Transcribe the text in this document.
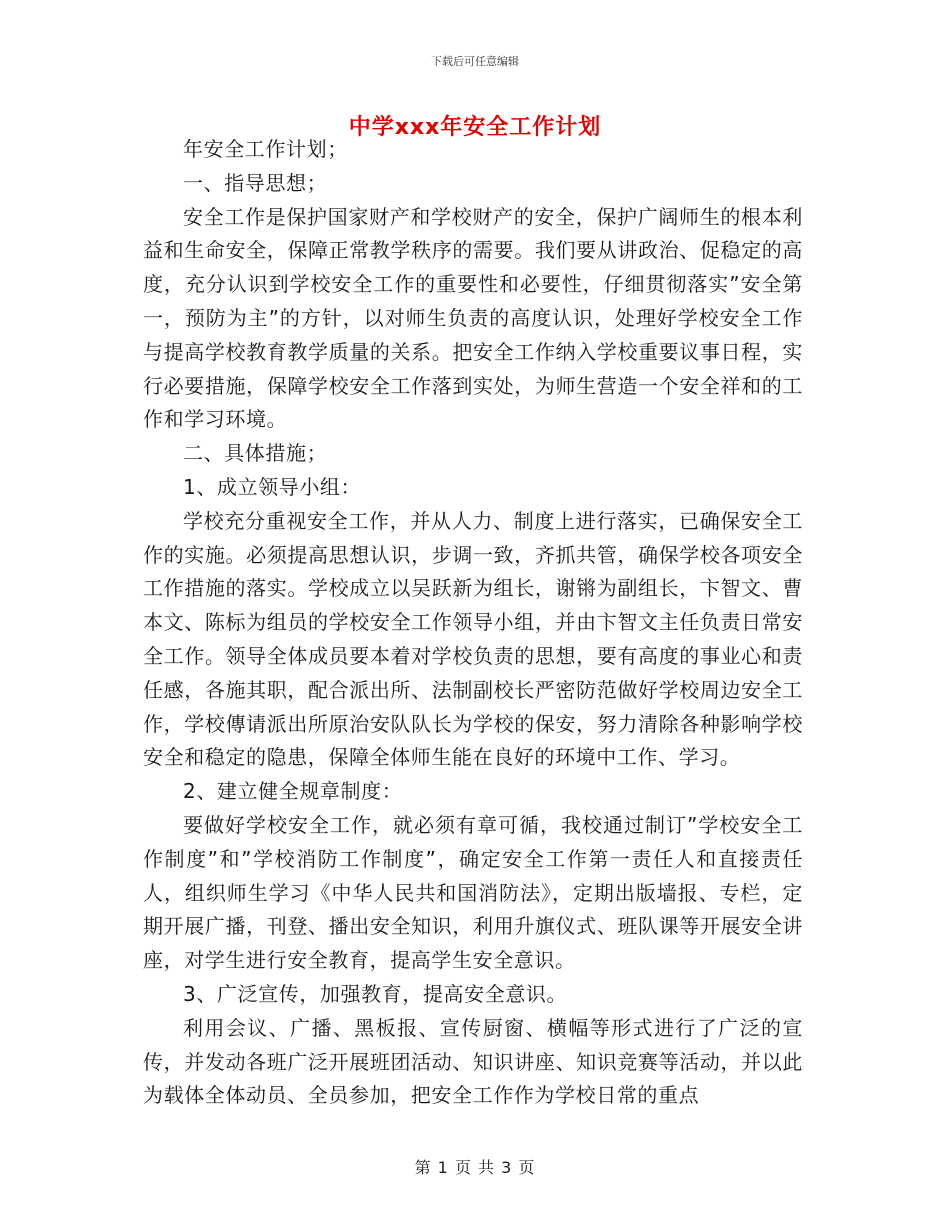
下载后可任意编辑
中学xxx年安全工作计划

年安全工作计划；

一、指导思想；

安全工作是保护国家财产和学校财产的安全，保护广阔师生的根本利益和生命安全，保障正常教学秩序的需要。我们要从讲政治、促稳定的高度，充分认识到学校安全工作的重要性和必要性，仔细贯彻落实”安全第一，预防为主”的方针，以对师生负责的高度认识，处理好学校安全工作与提高学校教育教学质量的关系。把安全工作纳入学校重要议事日程，实行必要措施，保障学校安全工作落到实处，为师生营造一个安全祥和的工作和学习环境。

二、具体措施；

1、成立领导小组：

学校充分重视安全工作，并从人力、制度上进行落实，已确保安全工作的实施。必须提高思想认识，步调一致，齐抓共管，确保学校各项安全工作措施的落实。学校成立以吴跃新为组长，谢锵为副组长，卞智文、曹本文、陈标为组员的学校安全工作领导小组，并由卞智文主任负责日常安全工作。领导全体成员要本着对学校负责的思想，要有高度的事业心和责任感，各施其职，配合派出所、法制副校长严密防范做好学校周边安全工作，学校傳请派出所原治安队队长为学校的保安，努力清除各种影响学校安全和稳定的隐患，保障全体师生能在良好的环境中工作、学习。

2、建立健全规章制度：

要做好学校安全工作，就必须有章可循，我校通过制订”学校安全工作制度”和”学校消防工作制度”，确定安全工作第一责任人和直接责任人，组织师生学习《中华人民共和国消防法》，定期出版墙报、专栏，定期开展广播，刊登、播出安全知识，利用升旗仪式、班队课等开展安全讲座，对学生进行安全教育，提高学生安全意识。

3、广泛宣传，加强教育，提高安全意识。

利用会议、广播、黑板报、宣传厨窗、横幅等形式进行了广泛的宣传，并发动各班广泛开展班团活动、知识讲座、知识竞赛等活动，并以此为载体全体动员、全员参加，把安全工作作为学校日常的重点

第 1 页 共 3 页
